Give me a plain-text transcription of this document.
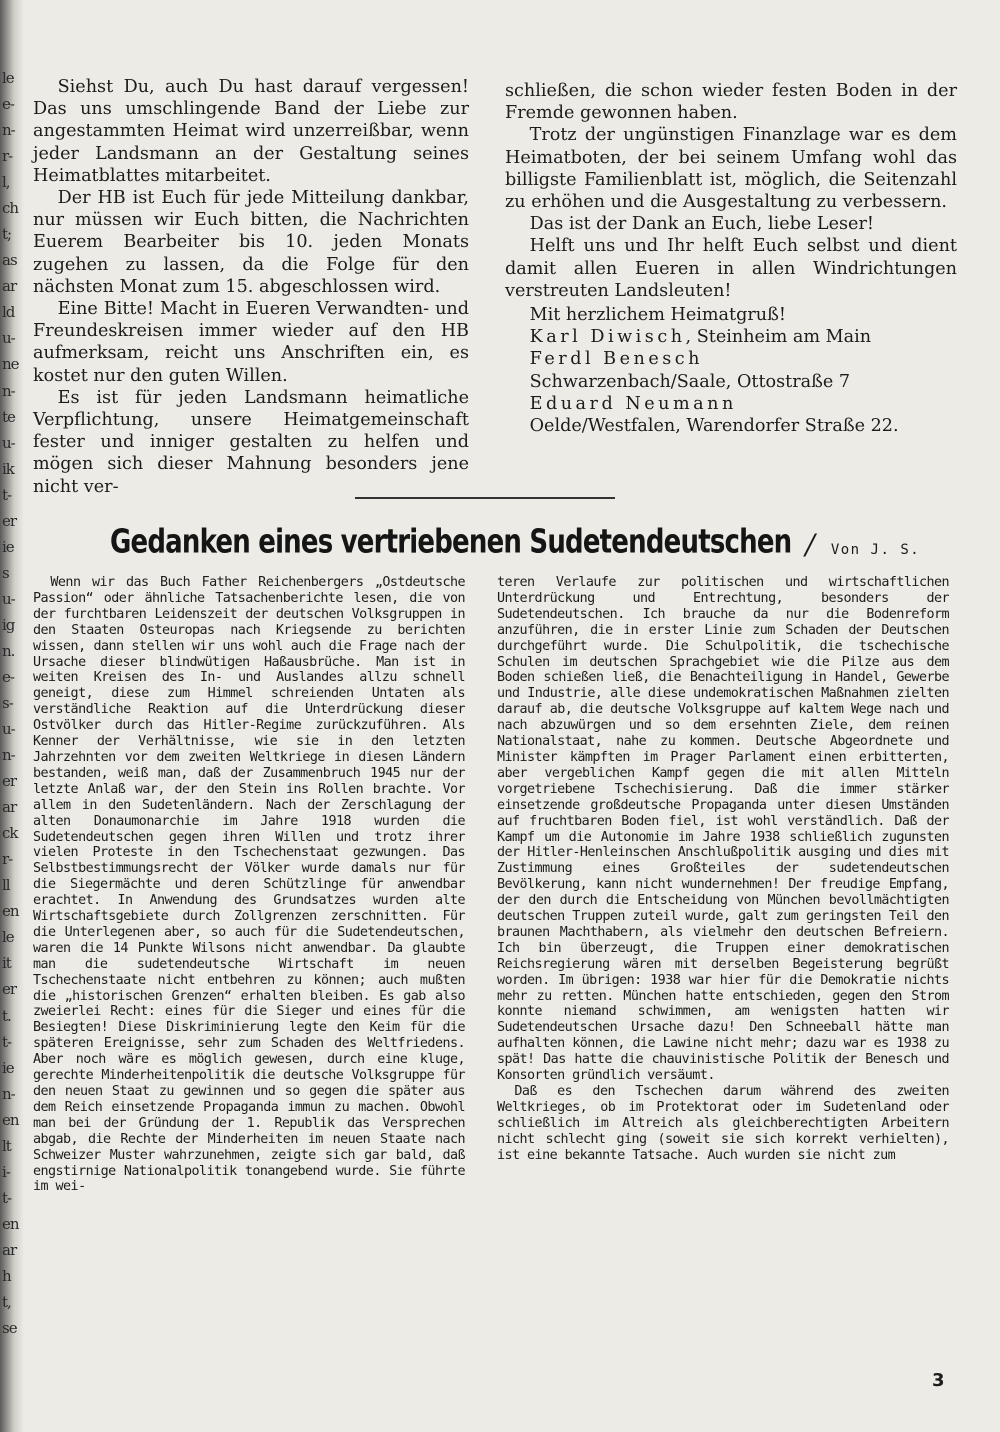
le
e-
n-
r-
l,
ch
t;
as
ar
ld
u-
ne
n-
te
u-
ik
t-
er
ie
s
u-
ig
n.
e-
s-
u-
n-
er
ar
ck
r-
ll
en
le
it
er
t.
t-
ie
n-
en
lt
i-
t-
en
ar
h
t,
se

Siehst Du, auch Du hast darauf vergessen! Das uns umschlingende Band der Liebe zur angestammten Heimat wird unzerreißbar, wenn jeder Landsmann an der Gestaltung seines Heimatblattes mitarbeitet.

Der HB ist Euch für jede Mitteilung dankbar, nur müssen wir Euch bitten, die Nachrichten Euerem Bearbeiter bis 10. jeden Monats zugehen zu lassen, da die Folge für den nächsten Monat zum 15. abgeschlossen wird.

Eine Bitte! Macht in Eueren Verwandten- und Freundeskreisen immer wieder auf den HB aufmerksam, reicht uns Anschriften ein, es kostet nur den guten Willen.

Es ist für jeden Landsmann heimatliche Verpflichtung, unsere Heimatgemeinschaft fester und inniger gestalten zu helfen und mögen sich dieser Mahnung besonders jene nicht ver-

schließen, die schon wieder festen Boden in der Fremde gewonnen haben.

Trotz der ungünstigen Finanzlage war es dem Heimatboten, der bei seinem Umfang wohl das billigste Familienblatt ist, möglich, die Seitenzahl zu erhöhen und die Ausgestaltung zu verbessern.

Das ist der Dank an Euch, liebe Leser!

Helft uns und Ihr helft Euch selbst und dient damit allen Eueren in allen Windrichtungen verstreuten Landsleuten!

Mit herzlichem Heimatgruß!

Karl Diwisch, Steinheim am Main

Ferdl Benesch

Schwarzenbach/Saale, Ottostraße 7

Eduard Neumann

Oelde/Westfalen, Warendorfer Straße 22.

Gedanken eines vertriebenen Sudetendeutschen / Von J. S.

Wenn wir das Buch Father Reichenbergers „Ostdeutsche Passion“ oder ähnliche Tatsachenberichte lesen, die von der furchtbaren Leidenszeit der deutschen Volksgruppen in den Staaten Osteuropas nach Kriegsende zu berichten wissen, dann stellen wir uns wohl auch die Frage nach der Ursache dieser blindwütigen Haßausbrüche. Man ist in weiten Kreisen des In- und Auslandes allzu schnell geneigt, diese zum Himmel schreienden Untaten als verständliche Reaktion auf die Unterdrückung dieser Ostvölker durch das Hitler-Regime zurückzuführen. Als Kenner der Verhältnisse, wie sie in den letzten Jahrzehnten vor dem zweiten Weltkriege in diesen Ländern bestanden, weiß man, daß der Zusammenbruch 1945 nur der letzte Anlaß war, der den Stein ins Rollen brachte. Vor allem in den Sudetenländern. Nach der Zerschlagung der alten Donaumonarchie im Jahre 1918 wurden die Sudetendeutschen gegen ihren Willen und trotz ihrer vielen Proteste in den Tschechenstaat gezwungen. Das Selbstbestimmungsrecht der Völker wurde damals nur für die Siegermächte und deren Schützlinge für anwendbar erachtet. In Anwendung des Grundsatzes wurden alte Wirtschaftsgebiete durch Zollgrenzen zerschnitten. Für die Unterlegenen aber, so auch für die Sudetendeutschen, waren die 14 Punkte Wilsons nicht anwendbar. Da glaubte man die sudetendeutsche Wirtschaft im neuen Tschechenstaate nicht entbehren zu können; auch mußten die „historischen Grenzen“ erhalten bleiben. Es gab also zweierlei Recht: eines für die Sieger und eines für die Besiegten! Diese Diskriminierung legte den Keim für die späteren Ereignisse, sehr zum Schaden des Weltfriedens. Aber noch wäre es möglich gewesen, durch eine kluge, gerechte Minderheitenpolitik die deutsche Volksgruppe für den neuen Staat zu gewinnen und so gegen die später aus dem Reich einsetzende Propaganda immun zu machen. Obwohl man bei der Gründung der 1. Republik das Versprechen abgab, die Rechte der Minderheiten im neuen Staate nach Schweizer Muster wahrzunehmen, zeigte sich gar bald, daß engstirnige Nationalpolitik tonangebend wurde. Sie führte im wei-

teren Verlaufe zur politischen und wirtschaftlichen Unterdrückung und Entrechtung, besonders der Sudetendeutschen. Ich brauche da nur die Bodenreform anzuführen, die in erster Linie zum Schaden der Deutschen durchgeführt wurde. Die Schulpolitik, die tschechische Schulen im deutschen Sprachgebiet wie die Pilze aus dem Boden schießen ließ, die Benachteiligung in Handel, Gewerbe und Industrie, alle diese undemokratischen Maßnahmen zielten darauf ab, die deutsche Volksgruppe auf kaltem Wege nach und nach abzuwürgen und so dem ersehnten Ziele, dem reinen Nationalstaat, nahe zu kommen. Deutsche Abgeordnete und Minister kämpften im Prager Parlament einen erbitterten, aber vergeblichen Kampf gegen die mit allen Mitteln vorgetriebene Tschechisierung. Daß die immer stärker einsetzende großdeutsche Propaganda unter diesen Umständen auf fruchtbaren Boden fiel, ist wohl verständlich. Daß der Kampf um die Autonomie im Jahre 1938 schließlich zugunsten der Hitler-Henleinschen Anschlußpolitik ausging und dies mit Zustimmung eines Großteiles der sudetendeutschen Bevölkerung, kann nicht wundernehmen! Der freudige Empfang, der den durch die Entscheidung von München bevollmächtigten deutschen Truppen zuteil wurde, galt zum geringsten Teil den braunen Machthabern, als vielmehr den deutschen Befreiern. Ich bin überzeugt, die Truppen einer demokratischen Reichsregierung wären mit derselben Begeisterung begrüßt worden. Im übrigen: 1938 war hier für die Demokratie nichts mehr zu retten. München hatte entschieden, gegen den Strom konnte niemand schwimmen, am wenigsten hatten wir Sudetendeutschen Ursache dazu! Den Schneeball hätte man aufhalten können, die Lawine nicht mehr; dazu war es 1938 zu spät! Das hatte die chauvinistische Politik der Benesch und Konsorten gründlich versäumt.

Daß es den Tschechen darum während des zweiten Weltkrieges, ob im Protektorat oder im Sudetenland oder schließlich im Altreich als gleichberechtigten Arbeitern nicht schlecht ging (soweit sie sich korrekt verhielten), ist eine bekannte Tatsache. Auch wurden sie nicht zum

3
